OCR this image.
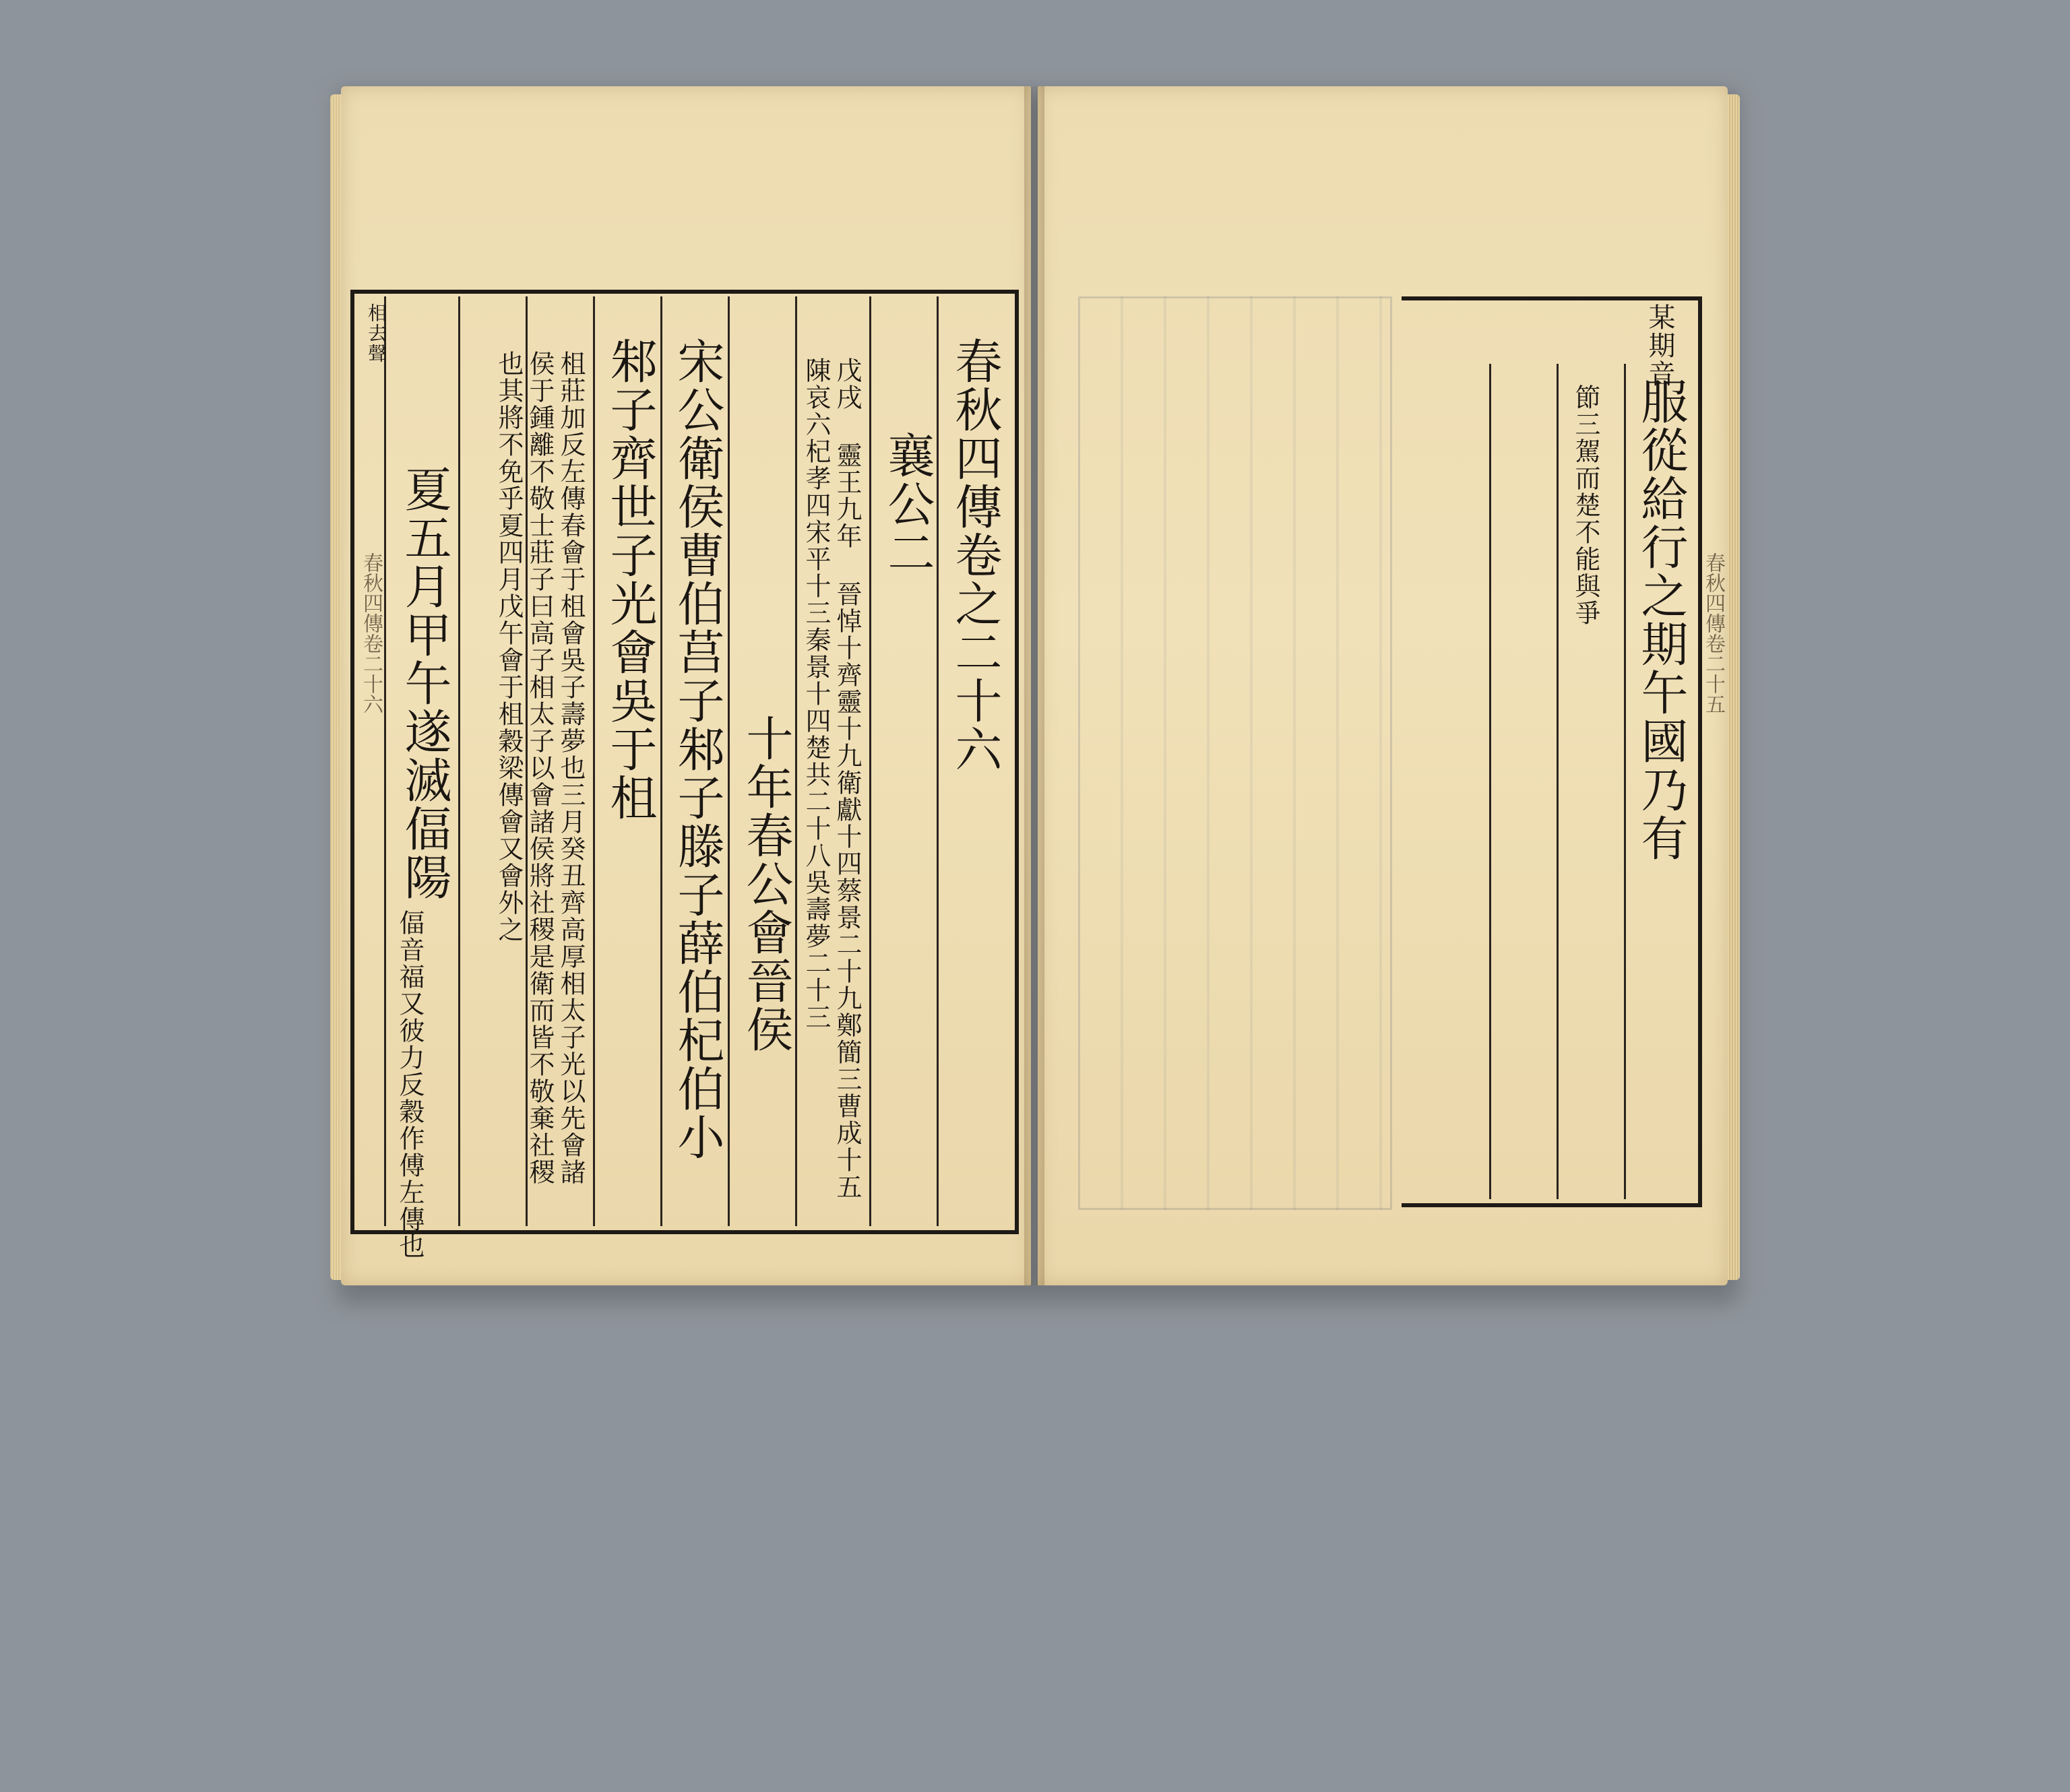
春秋四傳卷之二十六
襄公二
戊戌 靈王九年 晉悼十齊靈十九衛獻十四蔡景二十九鄭簡三曹成十五陳哀六杞孝四宋平十三秦景十四楚共二十八吳壽夢二十三
十年春公會晉侯
宋公衛侯曹伯莒子邾子滕子薛伯杞伯小
邾子齊世子光會吳于柤
柤莊加反左傳春會于柤會吳子壽夢也三月癸丑齊高厚相太子光以先會諸侯于鍾離不敬士莊子曰高子相太子以會諸侯將社稷是衛而皆不敬棄社稷也其將不免乎夏四月戊午會于柤穀梁傳會又會外之
相去聲
夏五月甲午遂滅偪陽
偪音福又彼力反穀作傅左傳也
春秋四傳卷二十六
某期音
服從給行之期午國乃有
節三駕而楚不能與爭
春秋四傳卷二十五
